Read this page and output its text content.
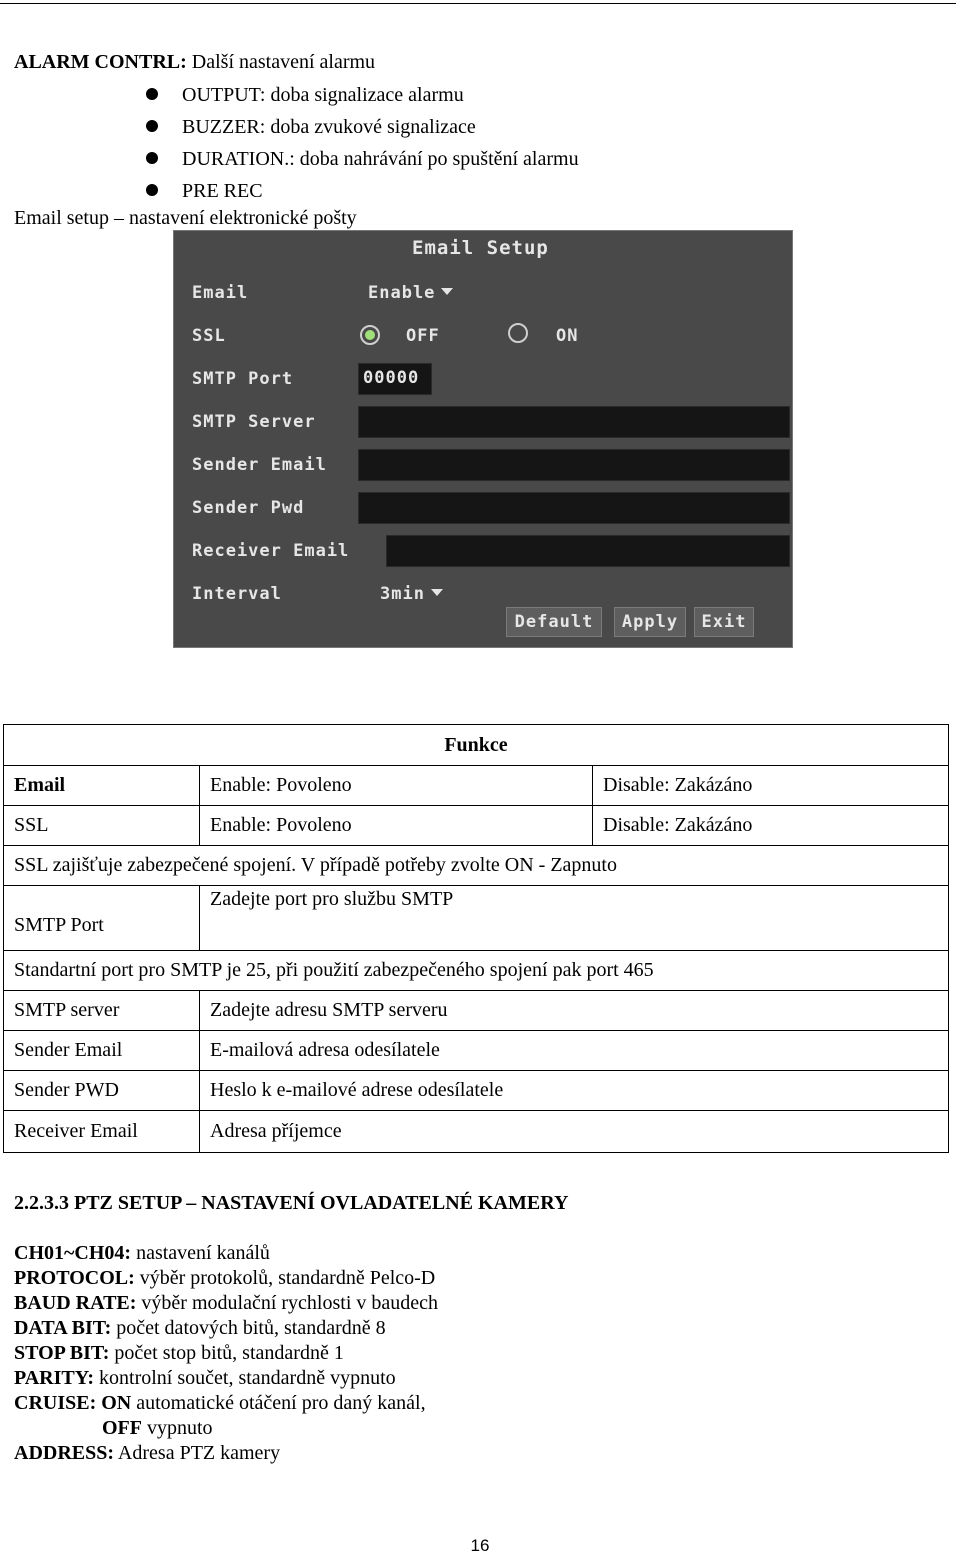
ALARM CONTRL: Další nastavení alarmu
OUTPUT: doba signalizace alarmu
BUZZER: doba zvukové signalizace
DURATION.: doba nahrávání po spuštění alarmu
PRE REC
Email setup – nastavení elektronické pošty
Email Setup
Email	Enable
SSL	OFF	ON
SMTP Port	00000
SMTP Server
Sender Email
Sender Pwd
Receiver Email
Interval	3min
Default	Apply	Exit
Funkce		
Email	Enable: Povoleno	Disable: Zakázáno
SSL	Enable: Povoleno	Disable: Zakázáno
SSL zajišťuje zabezpečené spojení. V případě potřeby zvolte ON - Zapnuto		
SMTP Port	Zadejte port pro službu SMTP	
Standartní port pro SMTP je 25, při použití zabezpečeného spojení pak port 465		
SMTP server	Zadejte adresu SMTP serveru	
Sender Email	E-mailová adresa odesílatele	
Sender PWD	Heslo k e-mailové adrese odesílatele	
Receiver Email	Adresa příjemce	
2.2.3.3 PTZ SETUP – NASTAVENÍ OVLADATELNÉ KAMERY
CH01~CH04: nastavení kanálů
PROTOCOL: výběr protokolů, standardně Pelco-D
BAUD RATE: výběr modulační rychlosti v baudech
DATA BIT: počet datových bitů, standardně 8
STOP BIT: počet stop bitů, standardně 1
PARITY: kontrolní součet, standardně vypnuto
CRUISE: ON automatické otáčení pro daný kanál,
OFF vypnuto
ADDRESS: Adresa PTZ kamery
16
